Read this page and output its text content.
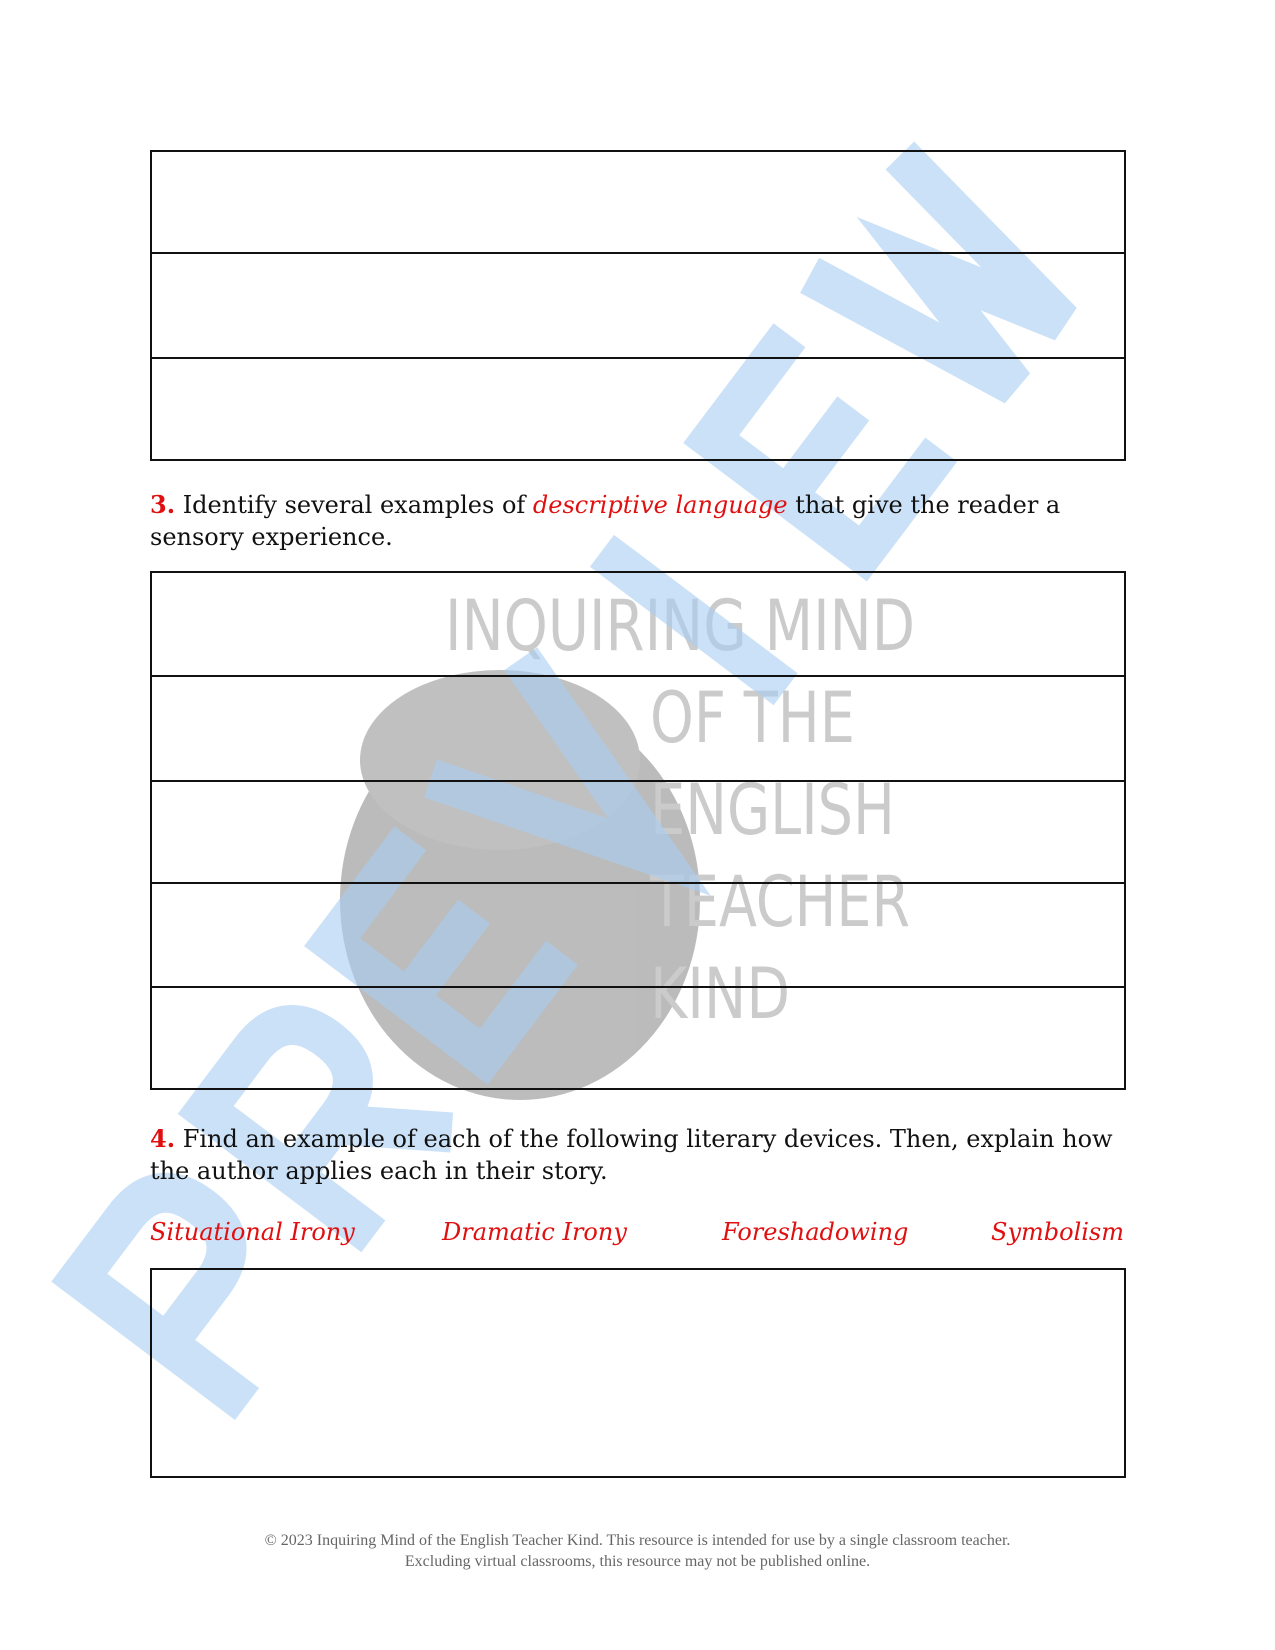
INQUIRING MIND
OF THE
ENGLISH
TEACHER
KIND
3. Identify several examples of descriptive language that give the reader a sensory experience.
4. Find an example of each of the following literary devices. Then, explain how the author applies each in their story.
Situational Irony	Dramatic Irony	Foreshadowing	Symbolism
© 2023 Inquiring Mind of the English Teacher Kind. This resource is intended for use by a single classroom teacher.
Excluding virtual classrooms, this resource may not be published online.
